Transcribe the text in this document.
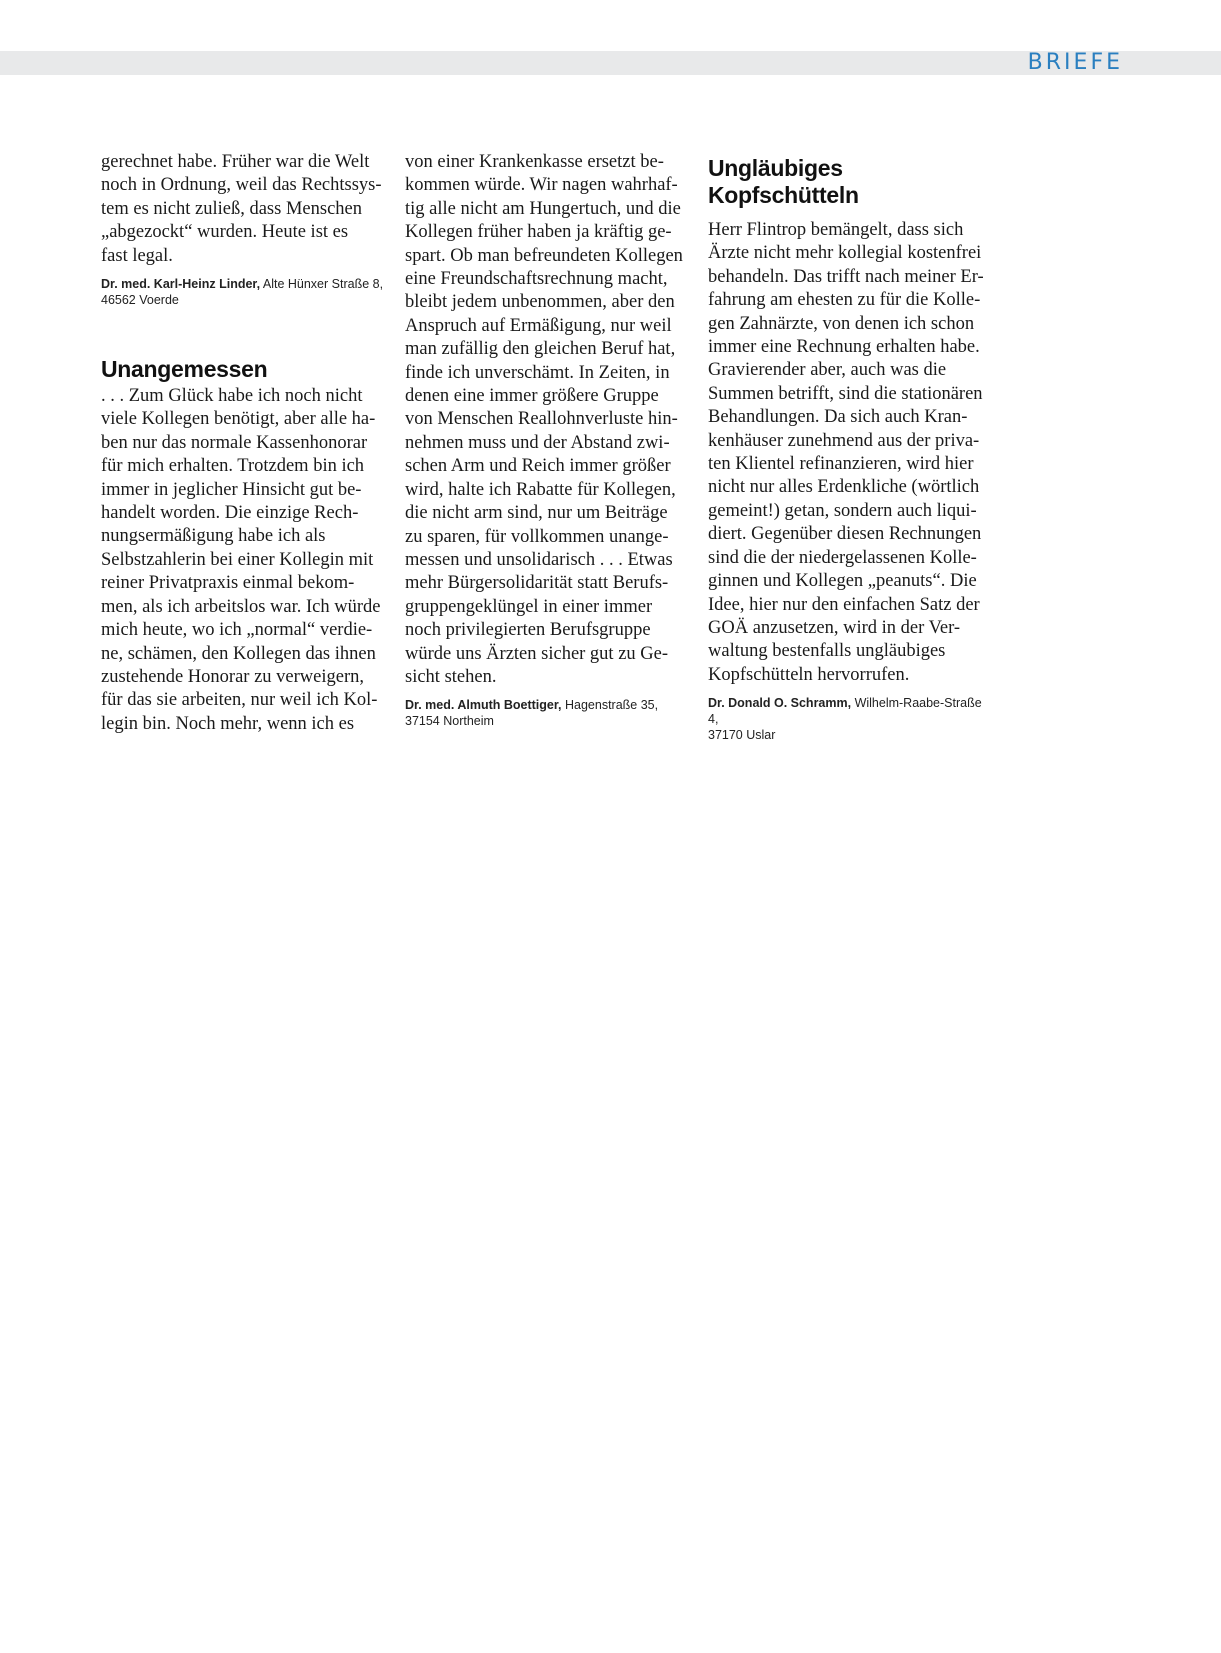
BRIEFE

gerechnet habe. Früher war die Welt
noch in Ordnung, weil das Rechtssys-
tem es nicht zuließ, dass Menschen
„abgezockt“ wurden. Heute ist es
fast legal.

Dr. med. Karl-Heinz Linder, Alte Hünxer Straße 8,
46562 Voerde
Unangemessen

. . . Zum Glück habe ich noch nicht
viele Kollegen benötigt, aber alle ha-
ben nur das normale Kassenhonorar
für mich erhalten. Trotzdem bin ich
immer in jeglicher Hinsicht gut be-
handelt worden. Die einzige Rech-
nungsermäßigung habe ich als
Selbstzahlerin bei einer Kollegin mit
reiner Privatpraxis einmal bekom-
men, als ich arbeitslos war. Ich würde
mich heute, wo ich „normal“ verdie-
ne, schämen, den Kollegen das ihnen
zustehende Honorar zu verweigern,
für das sie arbeiten, nur weil ich Kol-
legin bin. Noch mehr, wenn ich es

von einer Krankenkasse ersetzt be-
kommen würde. Wir nagen wahrhaf-
tig alle nicht am Hungertuch, und die
Kollegen früher haben ja kräftig ge-
spart. Ob man befreundeten Kollegen
eine Freundschaftsrechnung macht,
bleibt jedem unbenommen, aber den
Anspruch auf Ermäßigung, nur weil
man zufällig den gleichen Beruf hat,
finde ich unverschämt. In Zeiten, in
denen eine immer größere Gruppe
von Menschen Reallohnverluste hin-
nehmen muss und der Abstand zwi-
schen Arm und Reich immer größer
wird, halte ich Rabatte für Kollegen,
die nicht arm sind, nur um Beiträge
zu sparen, für vollkommen unange-
messen und unsolidarisch . . . Etwas
mehr Bürgersolidarität statt Berufs-
gruppengeklüngel in einer immer
noch privilegierten Berufsgruppe
würde uns Ärzten sicher gut zu Ge-
sicht stehen.

Dr. med. Almuth Boettiger, Hagenstraße 35,
37154 Northeim
Ungläubiges
Kopfschütteln

Herr Flintrop bemängelt, dass sich
Ärzte nicht mehr kollegial kostenfrei
behandeln. Das trifft nach meiner Er-
fahrung am ehesten zu für die Kolle-
gen Zahnärzte, von denen ich schon
immer eine Rechnung erhalten habe.
Gravierender aber, auch was die
Summen betrifft, sind die stationären
Behandlungen. Da sich auch Kran-
kenhäuser zunehmend aus der priva-
ten Klientel refinanzieren, wird hier
nicht nur alles Erdenkliche (wörtlich
gemeint!) getan, sondern auch liqui-
diert. Gegenüber diesen Rechnungen
sind die der niedergelassenen Kolle-
ginnen und Kollegen „peanuts“. Die
Idee, hier nur den einfachen Satz der
GOÄ anzusetzen, wird in der Ver-
waltung bestenfalls ungläubiges
Kopfschütteln hervorrufen.

Dr. Donald O. Schramm, Wilhelm-Raabe-Straße 4,
37170 Uslar
